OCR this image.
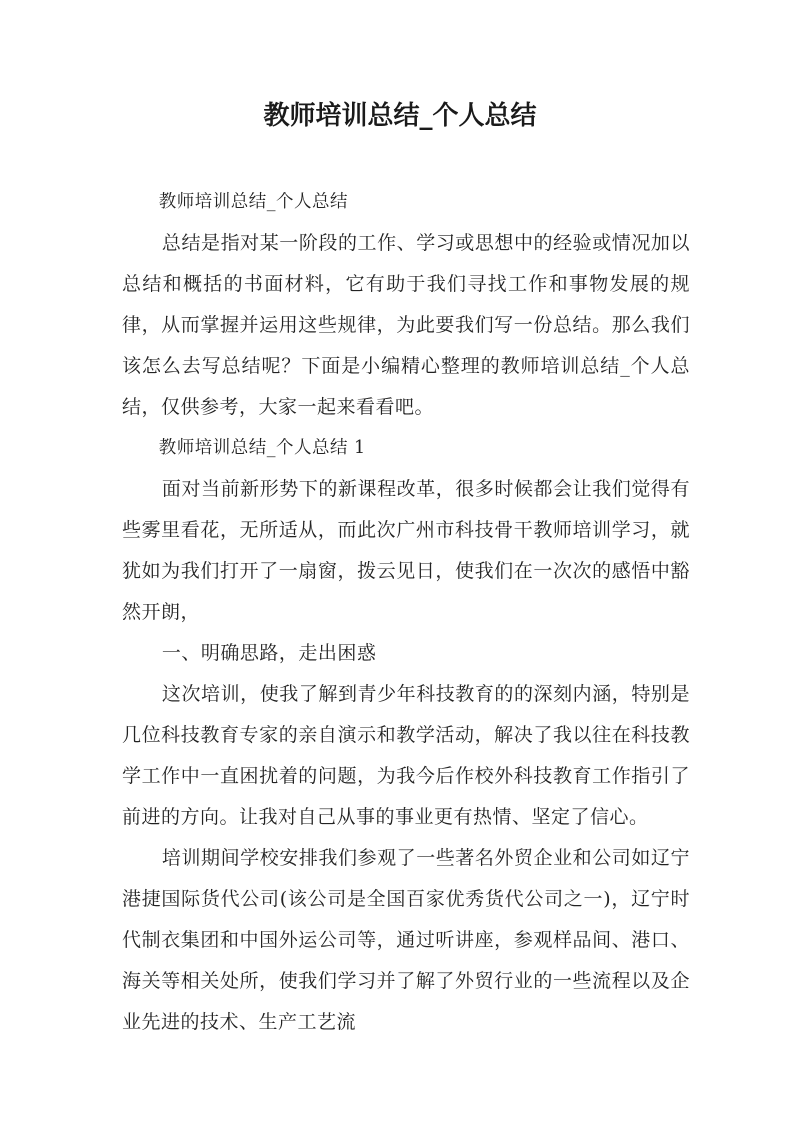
教师培训总结_个人总结

教师培训总结_个人总结

总结是指对某一阶段的工作、学习或思想中的经验或情况加以总结和概括的书面材料，它有助于我们寻找工作和事物发展的规律，从而掌握并运用这些规律，为此要我们写一份总结。那么我们该怎么去写总结呢？下面是小编精心整理的教师培训总结_个人总结，仅供参考，大家一起来看看吧。

教师培训总结_个人总结 1

面对当前新形势下的新课程改革，很多时候都会让我们觉得有些雾里看花，无所适从，而此次广州市科技骨干教师培训学习，就犹如为我们打开了一扇窗，拨云见日，使我们在一次次的感悟中豁然开朗，

一、明确思路，走出困惑

这次培训，使我了解到青少年科技教育的的深刻内涵，特别是几位科技教育专家的亲自演示和教学活动，解决了我以往在科技教学工作中一直困扰着的问题，为我今后作校外科技教育工作指引了前进的方向。让我对自己从事的事业更有热情、坚定了信心。

培训期间学校安排我们参观了一些著名外贸企业和公司如辽宁港捷国际货代公司(该公司是全国百家优秀货代公司之一)，辽宁时代制衣集团和中国外运公司等，通过听讲座，参观样品间、港口、海关等相关处所，使我们学习并了解了外贸行业的一些流程以及企业先进的技术、生产工艺流
